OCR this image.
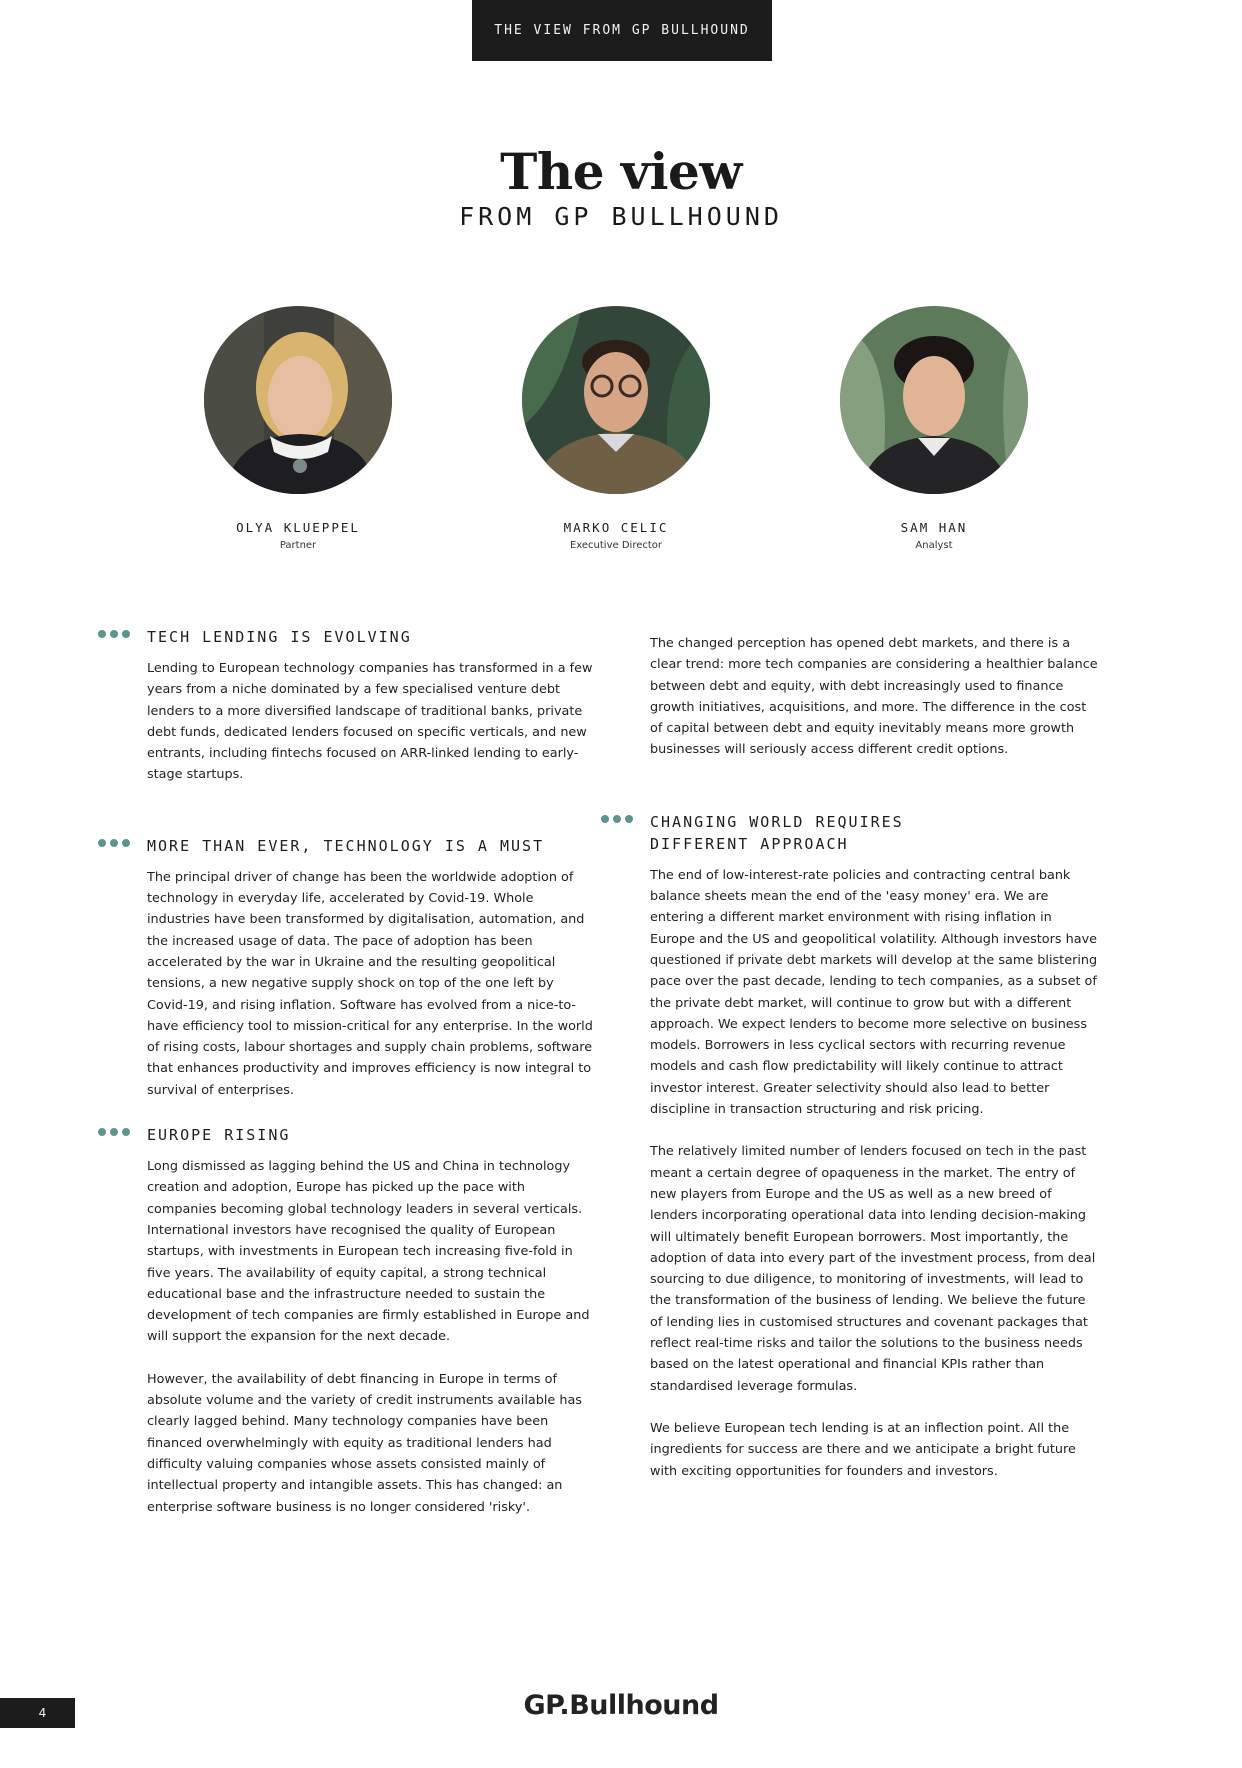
THE VIEW FROM GP BULLHOUND
The view
FROM GP BULLHOUND
OLYA KLUEPPEL
Partner
MARKO CELIC
Executive Director
SAM HAN
Analyst
TECH LENDING IS EVOLVING

Lending to European technology companies has transformed in a few years from a niche dominated by a few specialised venture debt lenders to a more diversified landscape of traditional banks, private debt funds, dedicated lenders focused on specific verticals, and new entrants, including fintechs focused on ARR-linked lending to early-stage startups.

MORE THAN EVER, TECHNOLOGY IS A MUST

The principal driver of change has been the worldwide adoption of technology in everyday life, accelerated by Covid-19. Whole industries have been transformed by digitalisation, automation, and the increased usage of data. The pace of adoption has been accelerated by the war in Ukraine and the resulting geopolitical tensions, a new negative supply shock on top of the one left by Covid-19, and rising inflation. Software has evolved from a nice-to-have efficiency tool to mission-critical for any enterprise. In the world of rising costs, labour shortages and supply chain problems, software that enhances productivity and improves efficiency is now integral to survival of enterprises.

EUROPE RISING

Long dismissed as lagging behind the US and China in technology creation and adoption, Europe has picked up the pace with companies becoming global technology leaders in several verticals. International investors have recognised the quality of European startups, with investments in European tech increasing five-fold in five years. The availability of equity capital, a strong technical educational base and the infrastructure needed to sustain the development of tech companies are firmly established in Europe and will support the expansion for the next decade.

However, the availability of debt financing in Europe in terms of absolute volume and the variety of credit instruments available has clearly lagged behind. Many technology companies have been financed overwhelmingly with equity as traditional lenders had difficulty valuing companies whose assets consisted mainly of intellectual property and intangible assets. This has changed: an enterprise software business is no longer considered 'risky'.

The changed perception has opened debt markets, and there is a clear trend: more tech companies are considering a healthier balance between debt and equity, with debt increasingly used to finance growth initiatives, acquisitions, and more. The difference in the cost of capital between debt and equity inevitably means more growth businesses will seriously access different credit options.

CHANGING WORLD REQUIRES
DIFFERENT APPROACH

The end of low-interest-rate policies and contracting central bank balance sheets mean the end of the 'easy money' era. We are entering a different market environment with rising inflation in Europe and the US and geopolitical volatility. Although investors have questioned if private debt markets will develop at the same blistering pace over the past decade, lending to tech companies, as a subset of the private debt market, will continue to grow but with a different approach. We expect lenders to become more selective on business models. Borrowers in less cyclical sectors with recurring revenue models and cash flow predictability will likely continue to attract investor interest. Greater selectivity should also lead to better discipline in transaction structuring and risk pricing.

The relatively limited number of lenders focused on tech in the past meant a certain degree of opaqueness in the market. The entry of new players from Europe and the US as well as a new breed of lenders incorporating operational data into lending decision-making will ultimately benefit European borrowers. Most importantly, the adoption of data into every part of the investment process, from deal sourcing to due diligence, to monitoring of investments, will lead to the transformation of the business of lending. We believe the future of lending lies in customised structures and covenant packages that reflect real-time risks and tailor the solutions to the business needs based on the latest operational and financial KPIs rather than standardised leverage formulas.

We believe European tech lending is at an inflection point. All the ingredients for success are there and we anticipate a bright future with exciting opportunities for founders and investors.

4	GP.Bullhound
